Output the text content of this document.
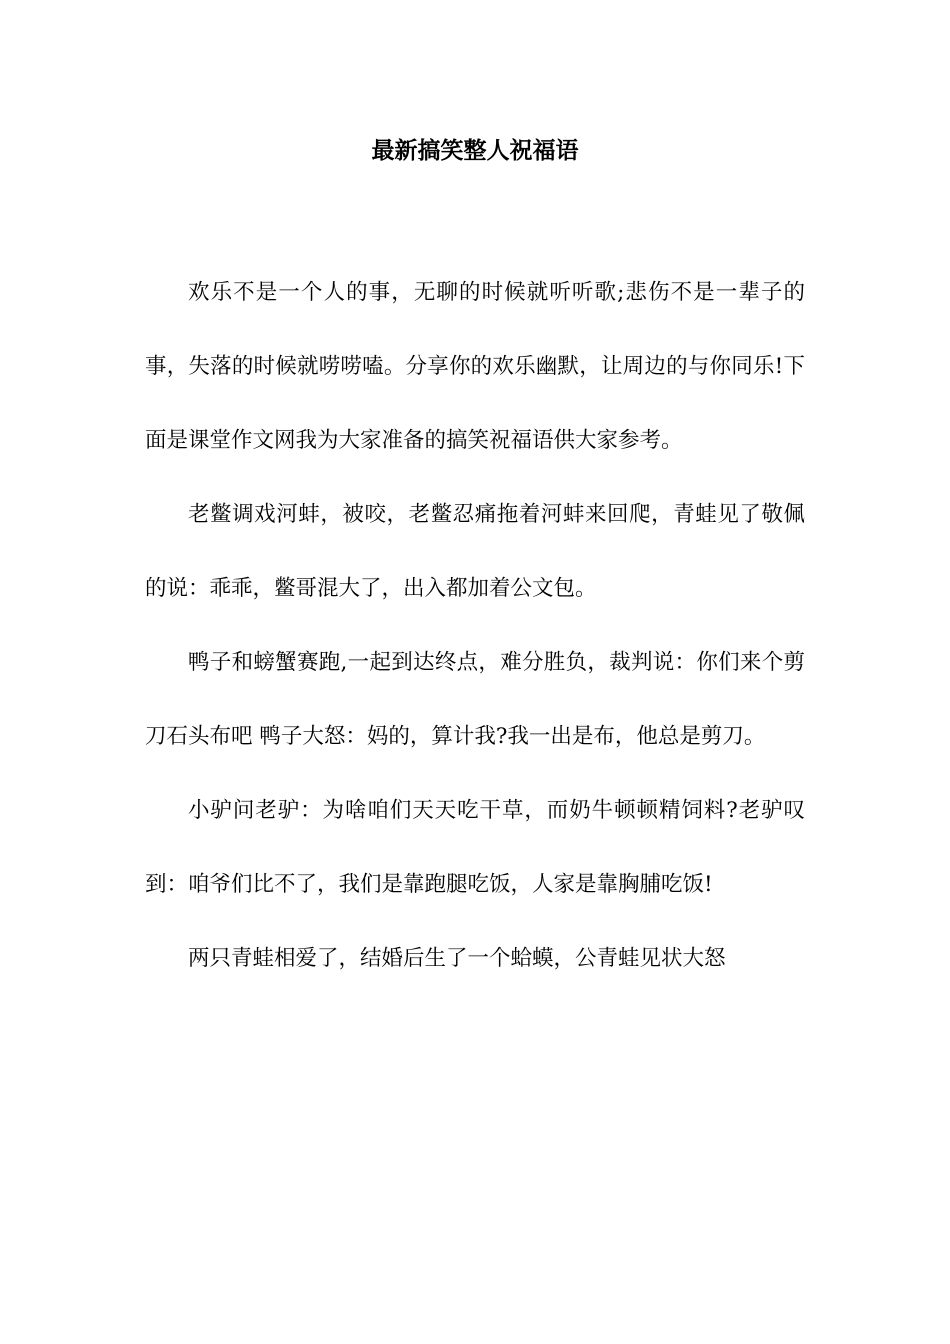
最新搞笑整人祝福语

欢乐不是一个人的事，无聊的时候就听听歌;悲伤不是一辈子的事，失落的时候就唠唠嗑。分享你的欢乐幽默，让周边的与你同乐!下面是课堂作文网我为大家准备的搞笑祝福语供大家参考。

老鳖调戏河蚌，被咬，老鳖忍痛拖着河蚌来回爬，青蛙见了敬佩的说：乖乖，鳖哥混大了，出入都加着公文包。

鸭子和螃蟹赛跑,一起到达终点，难分胜负，裁判说：你们来个剪刀石头布吧 鸭子大怒：妈的，算计我?我一出是布，他总是剪刀。

小驴问老驴：为啥咱们天天吃干草，而奶牛顿顿精饲料?老驴叹到：咱爷们比不了，我们是靠跑腿吃饭，人家是靠胸脯吃饭!

两只青蛙相爱了，结婚后生了一个蛤蟆，公青蛙见状大怒
